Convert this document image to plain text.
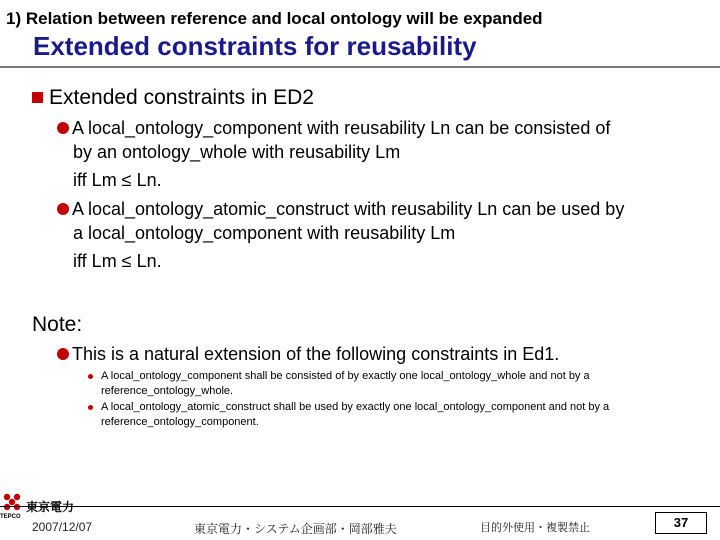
1) Relation between reference and local ontology will be expanded
Extended constraints for reusability
Extended constraints in ED2
A local_ontology_component with reusability Ln can be consisted of
by an ontology_whole with reusability Lm
iff Lm ≤ Ln.
A local_ontology_atomic_construct with reusability Ln can be used by
a local_ontology_component with reusability Lm
iff Lm ≤ Ln.
Note:
This is a natural extension of the following constraints in Ed1.
A local_ontology_component shall be consisted of by exactly one local_ontology_whole and not by a
reference_ontology_whole.
A local_ontology_atomic_construct shall be used by exactly one local_ontology_component and not by a
reference_ontology_component.
TEPCO
東京電力
2007/12/07	東京電力・システム企画部・岡部雅夫	目的外使用・複製禁止	37
